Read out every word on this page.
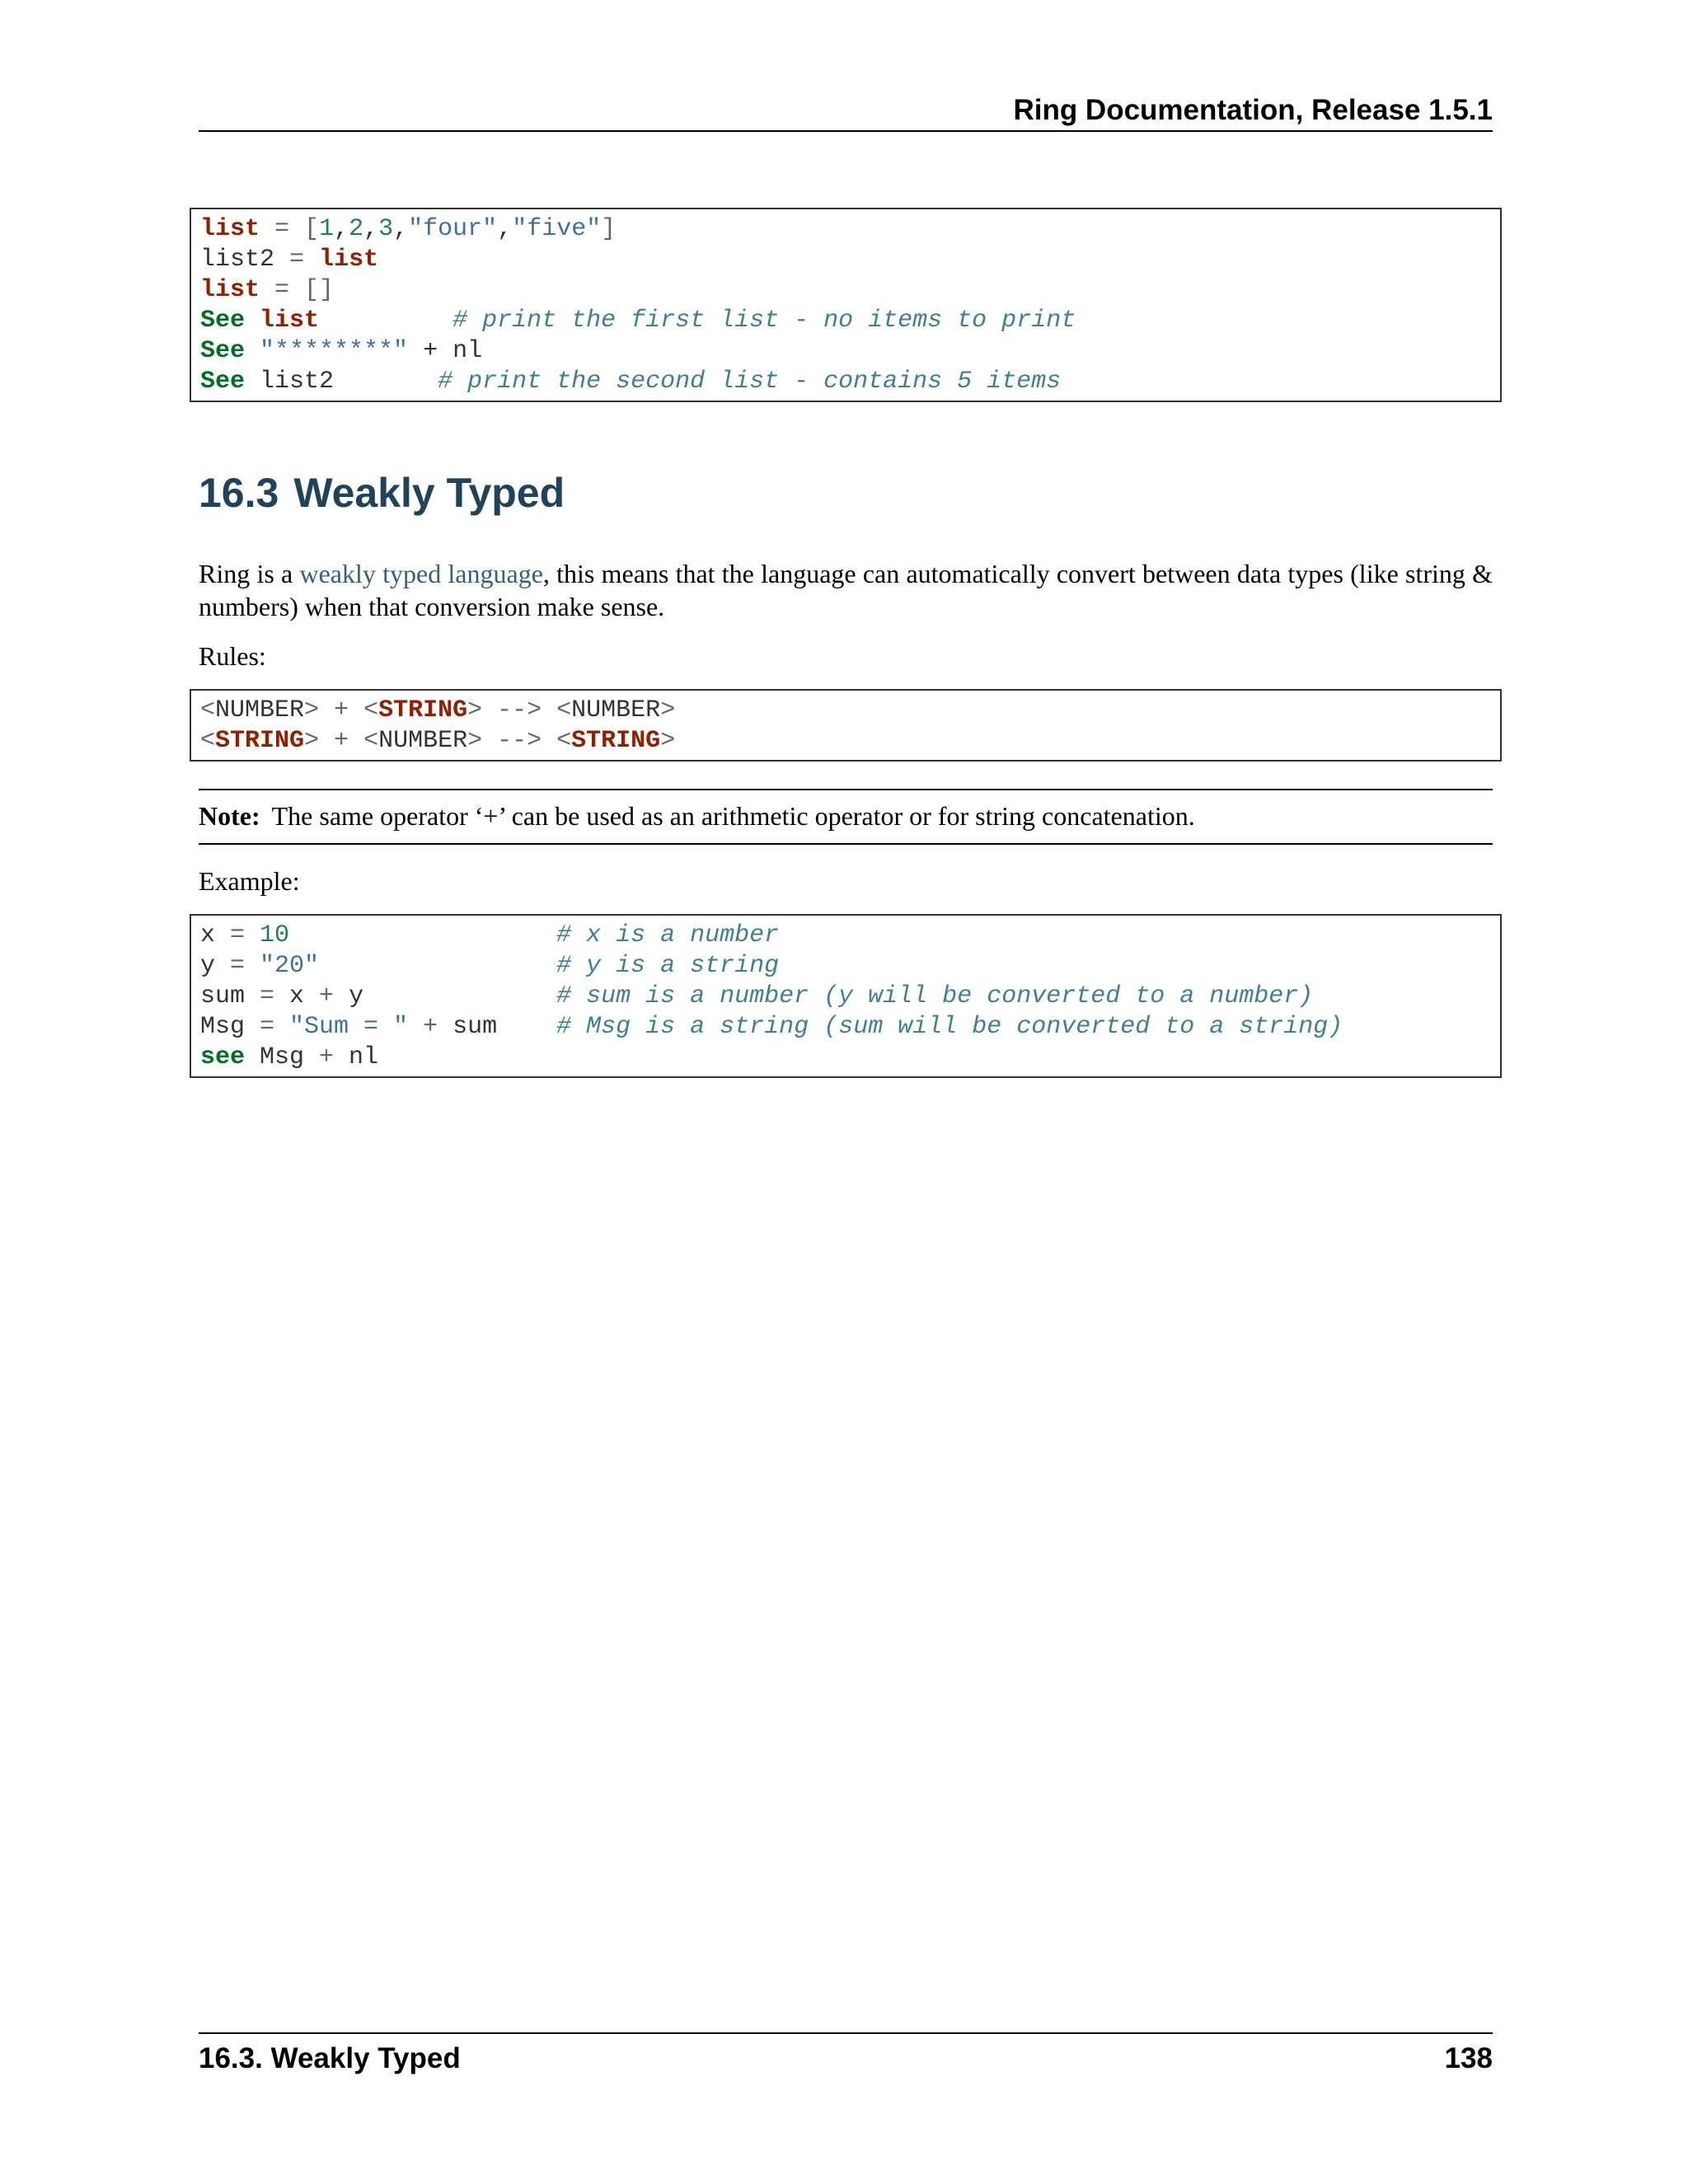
Ring Documentation, Release 1.5.1
list = [1,2,3,"four","five"]
list2 = list
list = []
See list	# print the first list - no items to print
See "********" + nl
See list2       # print the second list - contains 5 items
16.3 Weakly Typed

Ring is a weakly typed language, this means that the language can automatically convert between data types (like string & numbers) when that conversion make sense.

Rules:

<NUMBER> + <STRING> --> <NUMBER>
<STRING> + <NUMBER> --> <STRING>
Note: The same operator ‘+’ can be used as an arithmetic operator or for string concatenation.

Example:

x = 10	# x is a number
y = "20"	# y is a string
sum = x + y             # sum is a number (y will be converted to a number)
Msg = "Sum = " + sum    # Msg is a string (sum will be converted to a string)
see Msg + nl
16.3. Weakly Typed	138
